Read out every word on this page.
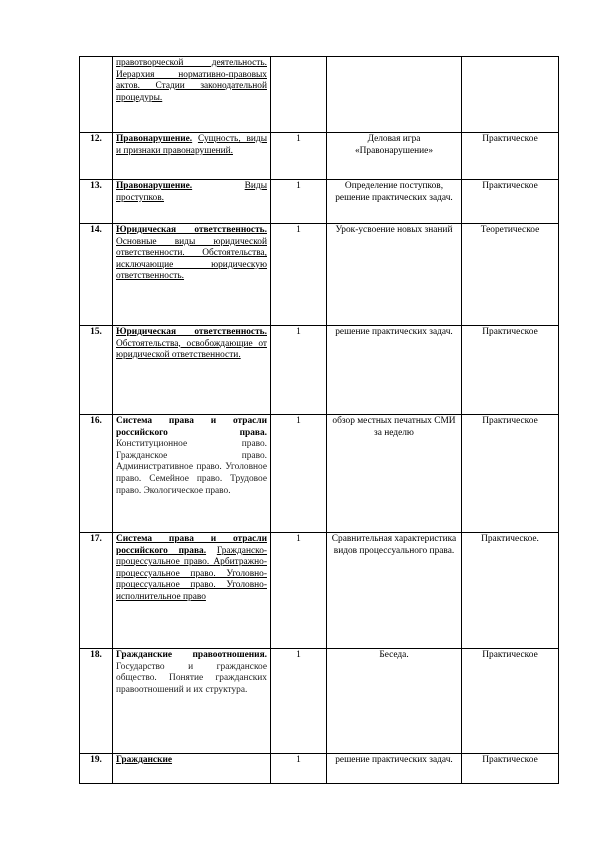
	правотворческой деятельность. Иерархия нормативно-правовых актов. Стадии законодательной процедуры.			
12.	Правонарушение. Сущность, виды и признаки правонарушений.	1	Деловая игра «Правонарушение»	Практическое
13.	Правонарушение. Виды проступков.	1	Определение поступков, решение практических задач.	Практическое
14.	Юридическая ответственность. Основные виды юридической ответственности. Обстоятельства, исключающие юридическую ответственность.	1	Урок-усвоение новых знаний	Теоретическое
15.	Юридическая ответственность. Обстоятельства, освобождающие от юридической ответственности.	1	решение практических задач.	Практическое
16.	Система права и отрасли российского права. Конституционное право. Гражданское право. Административное право. Уголовное право. Семейное право. Трудовое право. Экологическое право.	1	обзор местных печатных СМИ за неделю	Практическое
17.	Система права и отрасли российского права. Гражданско-процессуальное право. Арбитражно-процессуальное право. Уголовно-процессуальное право. Уголовно-исполнительное право	1	Сравнительная характеристика видов процессуального права.	Практическое.
18.	Гражданские правоотношения. Государство и гражданское общество. Понятие гражданских правоотношений и их структура.	1	Беседа.	Практическое
19.	Гражданские	1	решение практических задач.	Практическое
